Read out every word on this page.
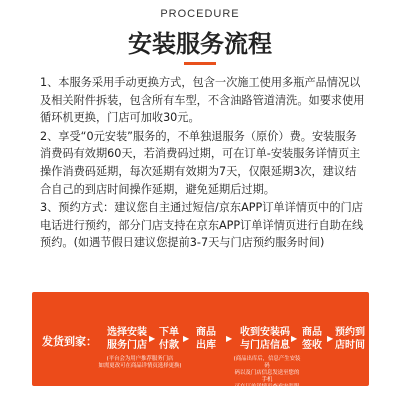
PROCEDURE
安装服务流程

1、本服务采用手动更换方式，包含一次施工使用多瓶产品情况以及相关附件拆装，包含所有车型，不含油路管道清洗。如要求使用循环机更换，门店可加收30元。

2、享受“0元安装”服务的，不单独退服务（原价）费。安装服务消费码有效期60天，若消费码过期，可在订单-安装服务详情页主操作消费码延期，每次延期有效期为7天，仅限延期3次，建议结合自己的到店时间操作延期，避免延期后过期。

3、预约方式：建议您自主通过短信/京东APP订单详情页中的门店电话进行预约，部分门店支持在京东APP订单详情页进行自助在线预约。(如遇节假日建议您提前3-7天与门店预约服务时间)

发货到家：
选择安装
服务门店
▶
下单
付款
▶
商品
出库
▶
收到安装码
与门店信息
▶
商品
签收
▶
预约到
店时间
(平台会为用户推荐服务门店
如需更改可在商品详情页选择更换)
(商品出库后，信息产生安装码
码以及门店信息发送至您的手机
可在订单详情页查看安装服务码)
